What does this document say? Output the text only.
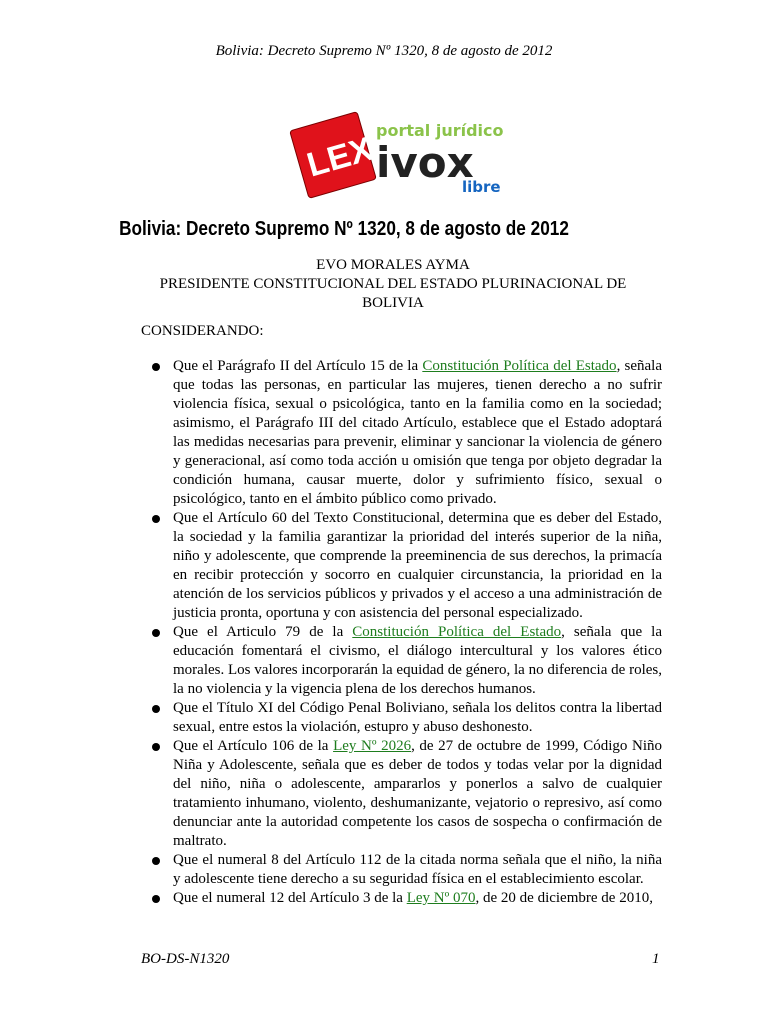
Bolivia: Decreto Supremo Nº 1320, 8 de agosto de 2012
LEX portal jurídico
ivox
libre
Bolivia: Decreto Supremo Nº 1320, 8 de agosto de 2012
EVO MORALES AYMA
PRESIDENTE CONSTITUCIONAL DEL ESTADO PLURINACIONAL DE BOLIVIA
CONSIDERANDO:
Que el Parágrafo II del Artículo 15 de la Constitución Política del Estado, señala que todas las personas, en particular las mujeres, tienen derecho a no sufrir violencia física, sexual o psicológica, tanto en la familia como en la sociedad; asimismo, el Parágrafo III del citado Artículo, establece que el Estado adoptará las medidas necesarias para prevenir, eliminar y sancionar la violencia de género y generacional, así como toda acción u omisión que tenga por objeto degradar la condición humana, causar muerte, dolor y sufrimiento físico, sexual o psicológico, tanto en el ámbito público como privado.
Que el Artículo 60 del Texto Constitucional, determina que es deber del Estado, la sociedad y la familia garantizar la prioridad del interés superior de la niña, niño y adolescente, que comprende la preeminencia de sus derechos, la primacía en recibir protección y socorro en cualquier circunstancia, la prioridad en la atención de los servicios públicos y privados y el acceso a una administración de justicia pronta, oportuna y con asistencia del personal especializado.
Que el Articulo 79 de la Constitución Política del Estado, señala que la educación fomentará el civismo, el diálogo intercultural y los valores ético morales. Los valores incorporarán la equidad de género, la no diferencia de roles, la no violencia y la vigencia plena de los derechos humanos.
Que el Título XI del Código Penal Boliviano, señala los delitos contra la libertad sexual, entre estos la violación, estupro y abuso deshonesto.
Que el Artículo 106 de la Ley Nº 2026, de 27 de octubre de 1999, Código Niño Niña y Adolescente, señala que es deber de todos y todas velar por la dignidad del niño, niña o adolescente, ampararlos y ponerlos a salvo de cualquier tratamiento inhumano, violento, deshumanizante, vejatorio o represivo, así como denunciar ante la autoridad competente los casos de sospecha o confirmación de maltrato.
Que el numeral 8 del Artículo 112 de la citada norma señala que el niño, la niña y adolescente tiene derecho a su seguridad física en el establecimiento escolar.
Que el numeral 12 del Artículo 3 de la Ley Nº 070, de 20 de diciembre de 2010,
BO-DS-N1320	1
